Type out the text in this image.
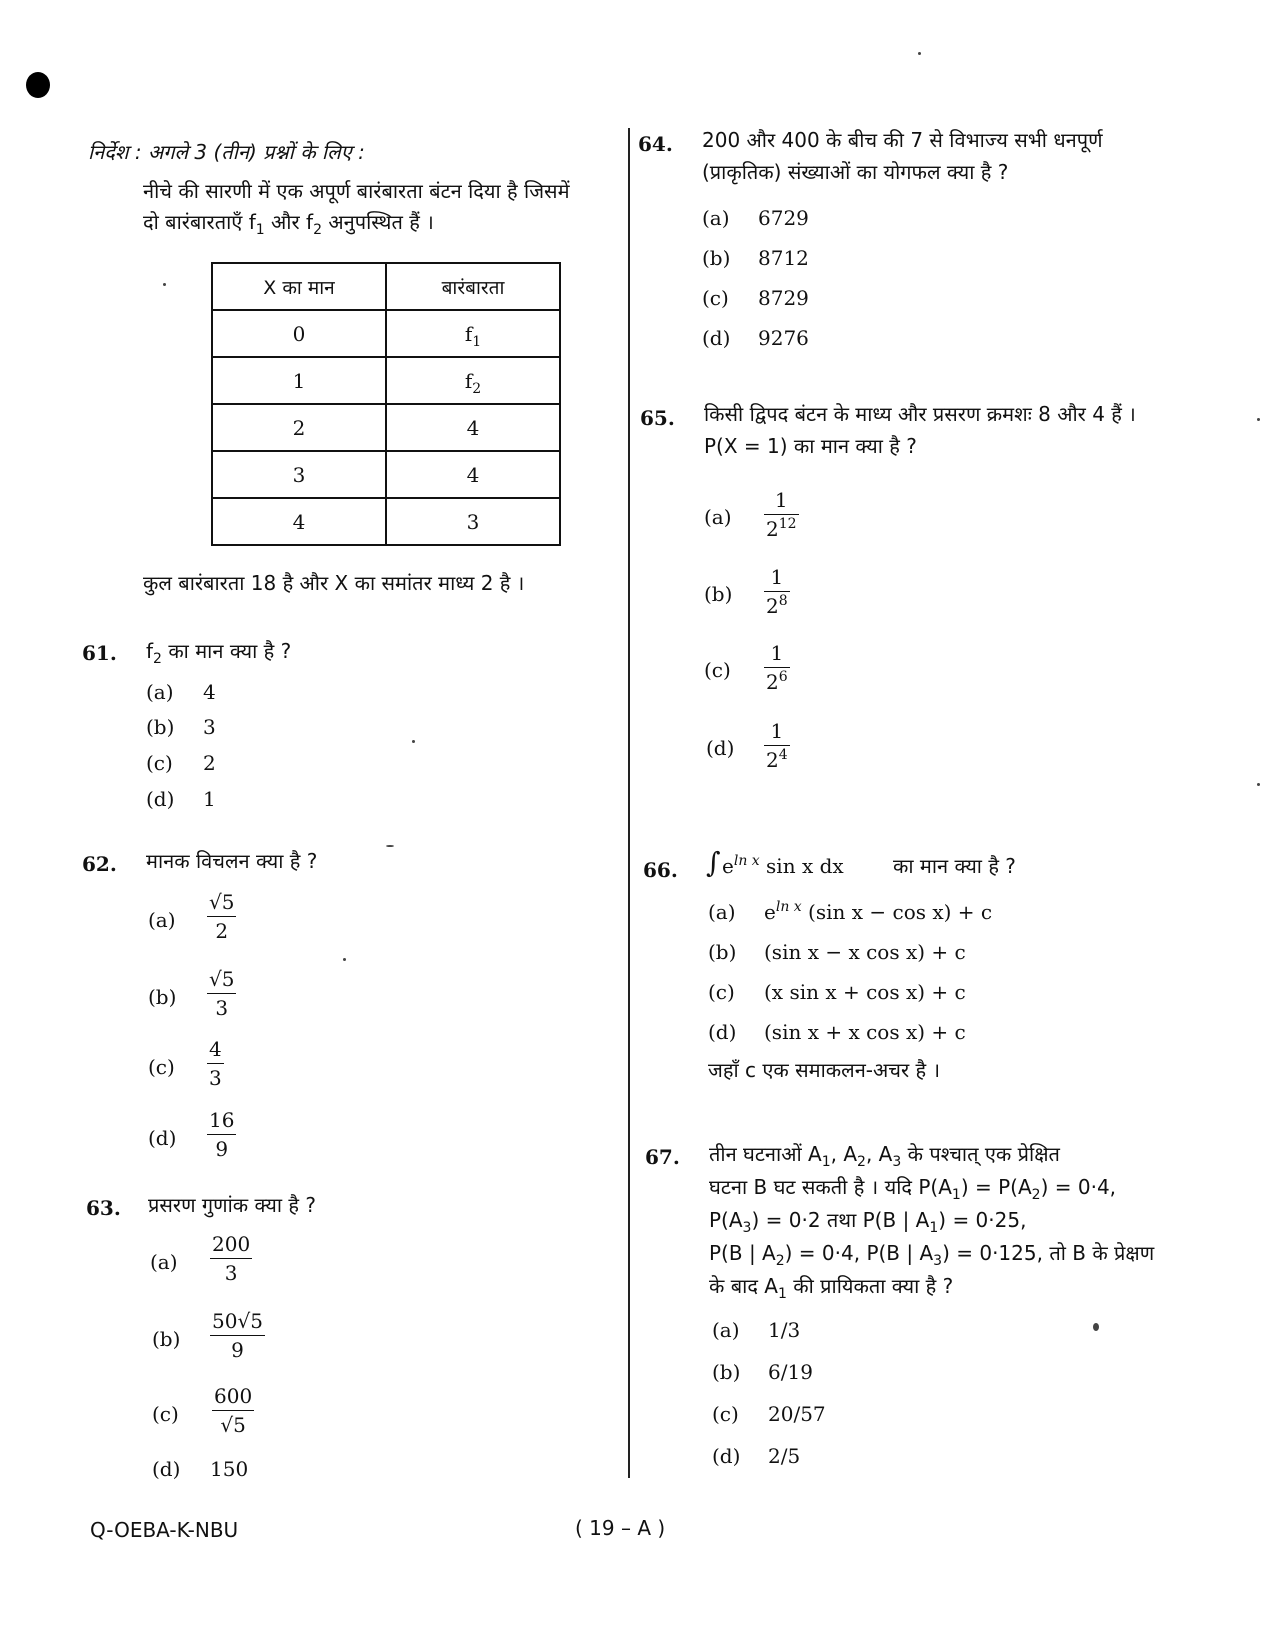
निर्देश : अगले 3 (तीन) प्रश्नों के लिए :
नीचे की सारणी में एक अपूर्ण बारंबारता बंटन दिया है जिसमें
दो बारंबारताएँ $f_1$ और $f_2$ अनुपस्थित हैं ।
X का मान	बारंबारता
0	$f_1$
1	$f_2$
2	4
3	4
4	3
कुल बारंबारता 18 है और X का समांतर माध्य 2 है ।
61. $f_2$ का मान क्या है ?
(a) 4
(b) 3
(c) 2
(d) 1
62. मानक विचलन क्या है ?
$(a) \frac{√5}{2}$
$(b) \frac{√5}{3}$
$(c) \frac{4}{3}$
$(d) \frac{16}{9}$
63. प्रसरण गुणांक क्या है ?
$(a) \frac{200}{3}$
$(b) \frac{50√5}{9}$
$(c) \frac{600}{√5}$
(d) 150
64. 200 और 400 के बीच की 7 से विभाज्य सभी धनपूर्ण
(प्राकृतिक) संख्याओं का योगफल क्या है ?
(a) 6729
(b) 8712
(c) 8729
(d) 9276
65. किसी द्विपद बंटन के माध्य और प्रसरण क्रमशः 8 और 4 हैं ।
P(X = 1) का मान क्या है ?
$(a) \frac{1}{2^{12}}$
$(b) \frac{1}{2^8}$
$(c) \frac{1}{2^6}$
$(d) \frac{1}{2^4}$
66. ∫ $e^{ln x}$ sin x dx का मान क्या है ?
(a) $e^{ln x}$ (sin x − cos x) + c
(b) (sin x − x cos x) + c
(c) (x sin x + cos x) + c
(d) (sin x + x cos x) + c
जहाँ c एक समाकलन-अचर है ।
67. तीन घटनाओं $A_1$, $A_2$, $A_3$ के पश्चात् एक प्रेक्षित
घटना B घट सकती है । यदि $P(A_1) = P(A_2) = 0\cdot 4$,
$P(A_3) = 0\cdot 2$ तथा P(B | $A_1) = 0\cdot 25$,
P(B | $A_2) = 0\cdot 4$, P(B | $A_3) = 0\cdot 125$, तो B के प्रेक्षण
के बाद $A_1$ की प्रायिकता क्या है ?
(a) 1/3
(b) 6/19
(c) 20/57
(d) 2/5
Q-OEBA-K-NBU	( 19 – A )
